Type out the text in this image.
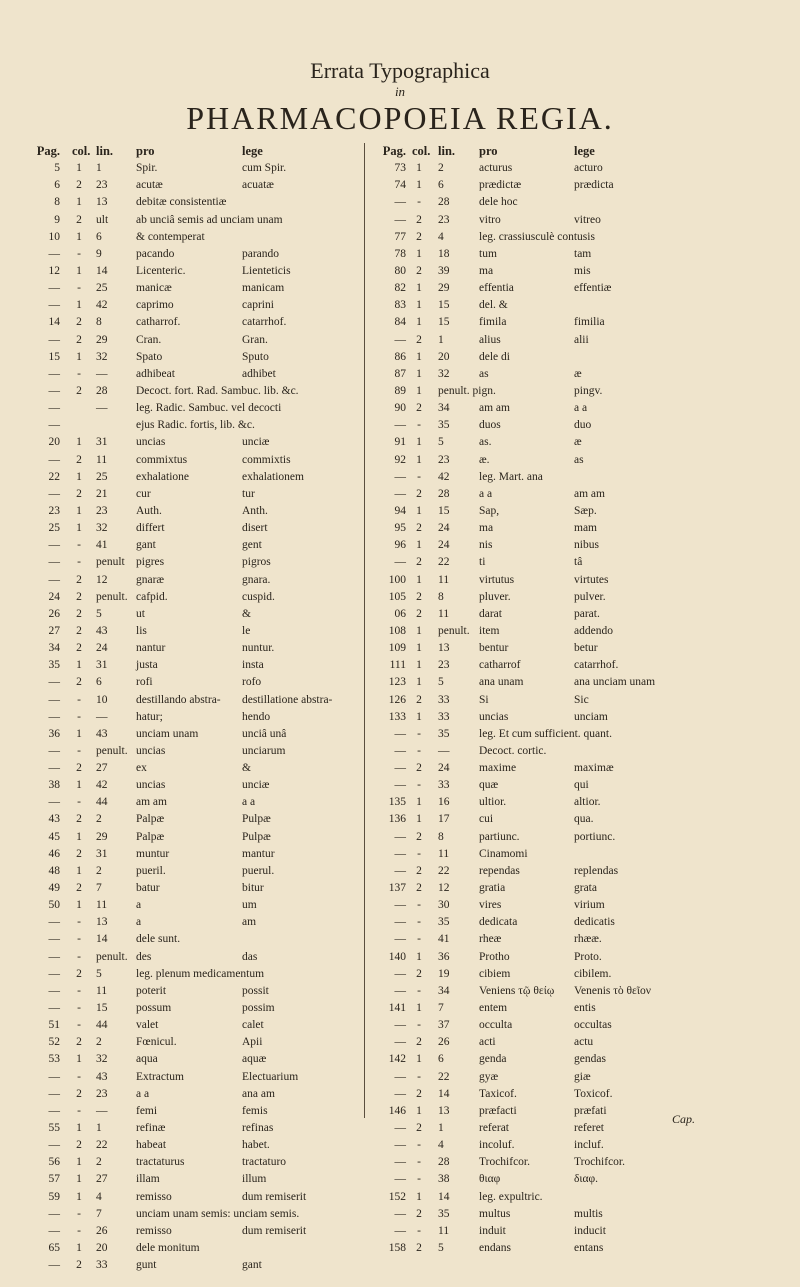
Errata Typographica
in
PHARMACOPOEIA REGIA.
Pag. col. lin. pro	lege
5	1	1	Spir.	cum Spir.
6	2	23 acutæ	acuatæ
8	1	13 debitæ consistentiæ
9	2	ult ab unciâ semis ad unciam unam
10	1	6	& contemperat
—	-	9	pacando	parando
12	1	14 Licenteric.	Lienteticis
—	-	25 manicæ	manicam
—	1	42 caprimo	caprini
14	2	8	catharrof.	catarrhof.
—	2	29 Cran.	Gran.
15	1	32 Spato	Sputo
—	-	— adhibeat	adhibet
—	2	28 Decoct. fort. Rad. Sambuc. lib. &c.
—	— leg. Radic. Sambuc. vel decocti
—	ejus Radic. fortis, lib. &c.
20	1	31 uncias	unciæ
—	2	11	commixtus	commixtis
22	1	25 exhalatione	exhalationem
—	2	21 cur	tur
23	1	23 Auth.	Anth.
25	1	32 differt	disert
—	-	41 gant	gent
—	-	penult pigres	pigros
—	2	12 gnaræ	gnara.
24	2	penult. cafpid.	cuspid.
26	2	5	ut	&
27	2	43 lis	le
34	2	24 nantur	nuntur.
35	1	31 justa	insta
—	2	6	rofi	rofo
—	-	10 destillando abstra- destillatione abstra-
—	-	— hatur;	hendo
36	1	43 unciam unam	unciâ unâ
—	-	penult. uncias	unciarum
—	2	27 ex	&
38	1	42 uncias	unciæ
—	-	44 am am	a a
43	2	2	Palpæ	Pulpæ
45	1	29 Palpæ	Pulpæ
46	2	31 muntur	mantur
48	1	2	pueril.	puerul.
49	2	7	batur	bitur
50	1	11	a	um
—	-	13 a	am
—	-	14 dele sunt.
—	-	penult. des	das
—	2	5	leg. plenum medicamentum
—	-	11	poterit	possit
—	-	15 possum	possim
51	-	44 valet	calet
52	2	2	Fœnicul.	Apii
53	1	32 aqua	aquæ
—	-	43 Extractum	Electuarium
—	2	23 a a	ana am
—	-	— femi	femis
55	1	1	refinæ	refinas
—	2	22 habeat	habet.
56	1	2	tractaturus	tractaturo
57	1	27 illam	illum
59	1	4	remisso	dum remiserit
—	-	7	unciam unam semis: unciam semis.
—	-	26 remisso	dum remiserit
65	1	20 dele monitum
—	2	33 gunt	gant
Pag. col. lin. pro	lege
73 1	2	acturus	acturo
74 1	6	prædictæ	prædicta
— -	28	dele hoc
— 2	23	vitro	vitreo
77 2	4	leg. crassiusculè contusis
78 1	18	tum	tam
80 2	39	ma	mis
82 1	29	effentia	effentiæ
83 1	15	del. &
84 1	15	fimila	fimilia
— 2	1	alius	alii
86 1	20	dele di
87 1	32	as	æ
89 1	penult. pign.	pingv.
90 2	34	am am	a a
— -	35	duos	duo
91 1	5	as.	æ
92 1	23	æ.	as
— -	42	leg. Mart. ana
— 2	28	a a	am am
94 1	15	Sap,	Sæp.
95 2	24	ma	mam
96 1	24	nis	nibus
— 2	22	ti	tâ
100 1	11	virtutus	virtutes
105 2	8	pluver.	pulver.
06 2	11	darat	parat.
108 1	penult. item	addendo
109 1	13	bentur	betur
111 1	23	catharrof	catarrhof.
123 1	5	ana unam	ana unciam unam
126 2	33	Si	Sic
133 1	33	uncias	unciam
— -	35	leg. Et cum sufficient. quant.
— -	—	Decoct. cortic.
— 2	24	maxime	maximæ
— -	33	quæ	qui
135 1	16	ultior.	altior.
136 1	17	cui	qua.
— 2	8	partiunc.	portiunc.
— -	11	Cinamomi
— 2	22	rependas	replendas
137 2	12	gratia	grata
— -	30	vires	virium
— -	35	dedicata	dedicatis
— -	41	rheæ	rhææ.
140 1	36	Protho	Proto.
— 2	19	cibiem	cibilem.
— -	34	Veniens τῷ θείῳ Venenis τὸ θεῖον
141 1	7	entem	entis
— -	37	occulta	occultas
— 2	26	acti	actu
142 1	6	genda	gendas
— -	22	gyæ	giæ
— 2	14	Taxicof.	Toxicof.
146 1	13	præfacti	præfati
— 2	1	referat	referet
— -	4	incoluf.	incluf.
— -	28	Trochifcor.	Trochifcor.
— -	38	θιαφ	διαφ.
152 1	14	leg. expultric.
— 2	35	multus	multis
— -	11	induit	inducit
158 2	5	endans	entans
Cap.
